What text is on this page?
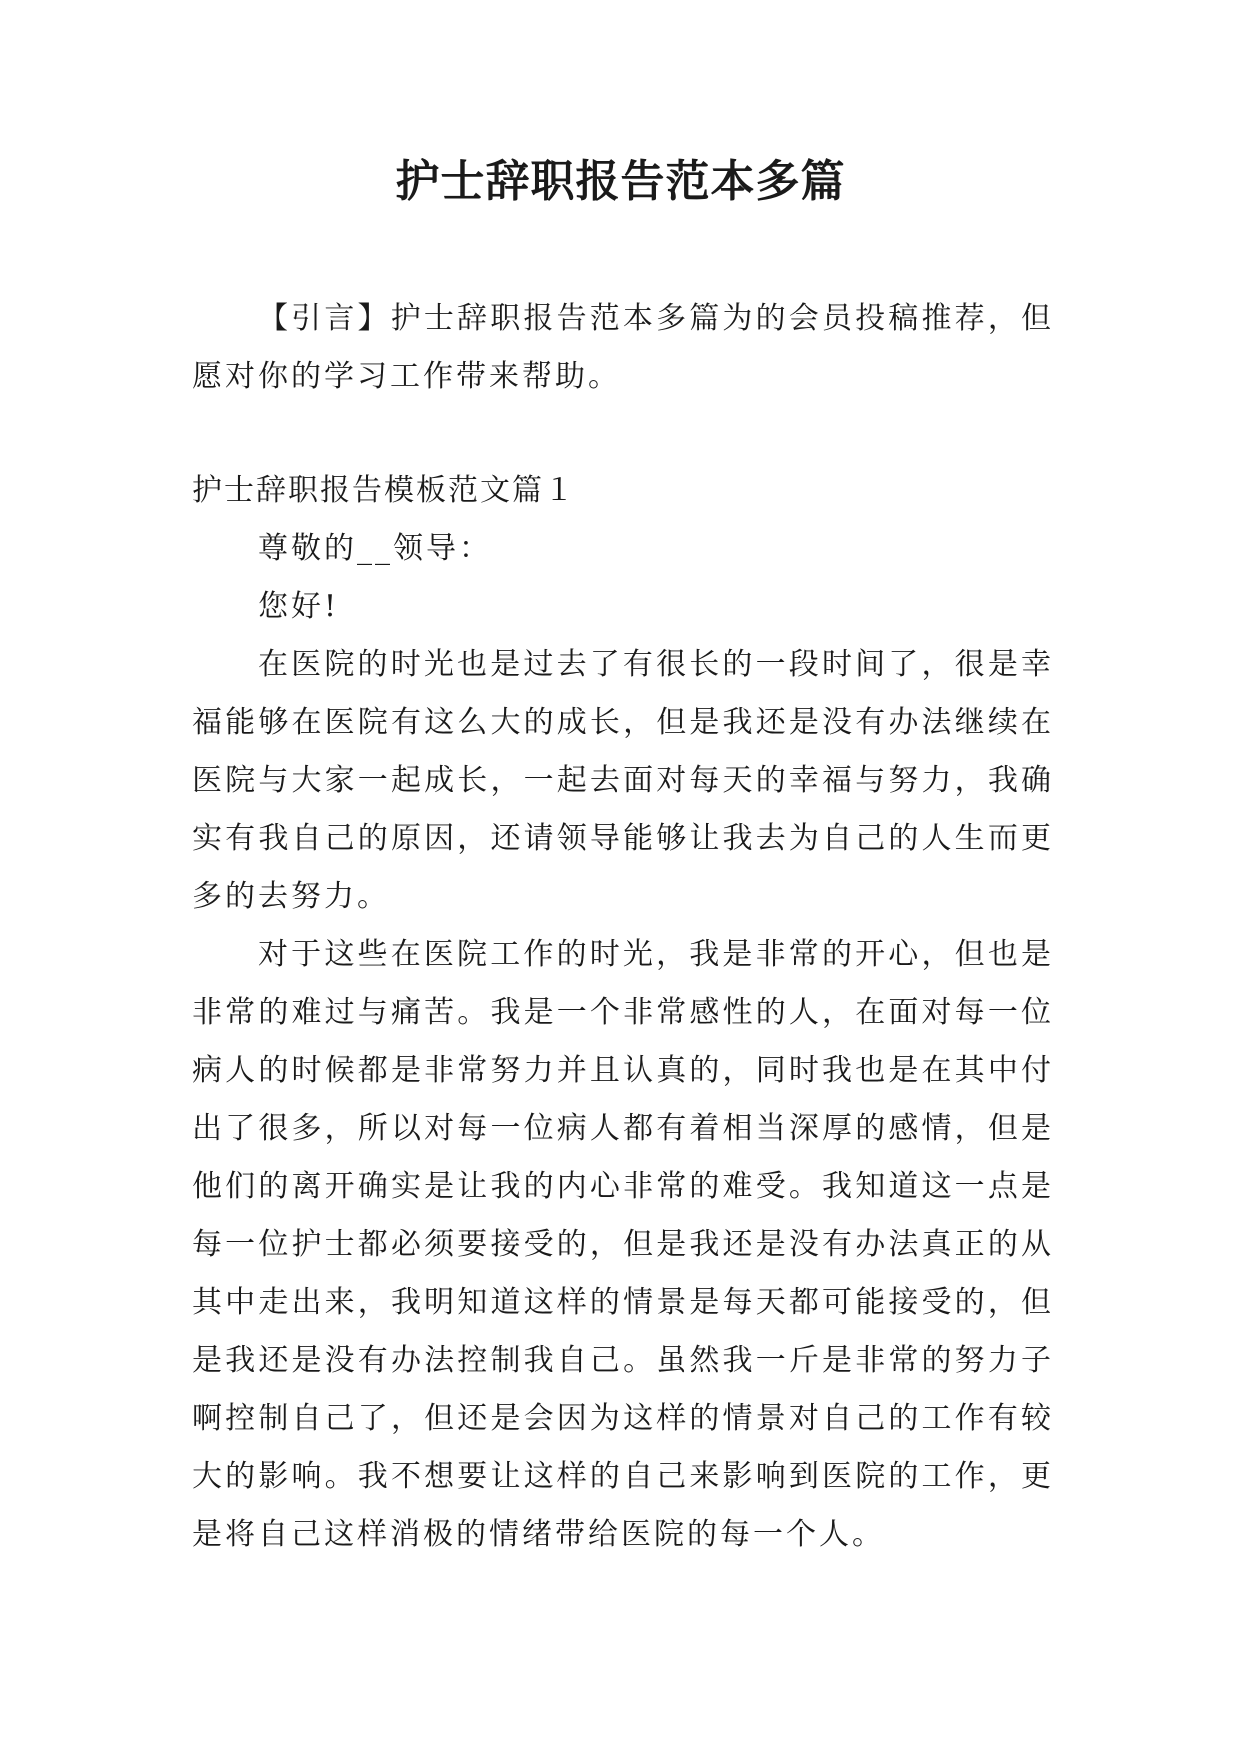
护士辞职报告范本多篇

【引言】护士辞职报告范本多篇为的会员投稿推荐，但愿对你的学习工作带来帮助。

护士辞职报告模板范文篇１

尊敬的__领导：

您好!

在医院的时光也是过去了有很长的一段时间了，很是幸福能够在医院有这么大的成长，但是我还是没有办法继续在医院与大家一起成长，一起去面对每天的幸福与努力，我确实有我自己的原因，还请领导能够让我去为自己的人生而更多的去努力。

对于这些在医院工作的时光，我是非常的开心，但也是非常的难过与痛苦。我是一个非常感性的人，在面对每一位病人的时候都是非常努力并且认真的，同时我也是在其中付出了很多，所以对每一位病人都有着相当深厚的感情，但是他们的离开确实是让我的内心非常的难受。我知道这一点是每一位护士都必须要接受的，但是我还是没有办法真正的从其中走出来，我明知道这样的情景是每天都可能接受的，但是我还是没有办法控制我自己。虽然我一斤是非常的努力子啊控制自己了，但还是会因为这样的情景对自己的工作有较大的影响。我不想要让这样的自己来影响到医院的工作，更是将自己这样消极的情绪带给医院的每一个人。
